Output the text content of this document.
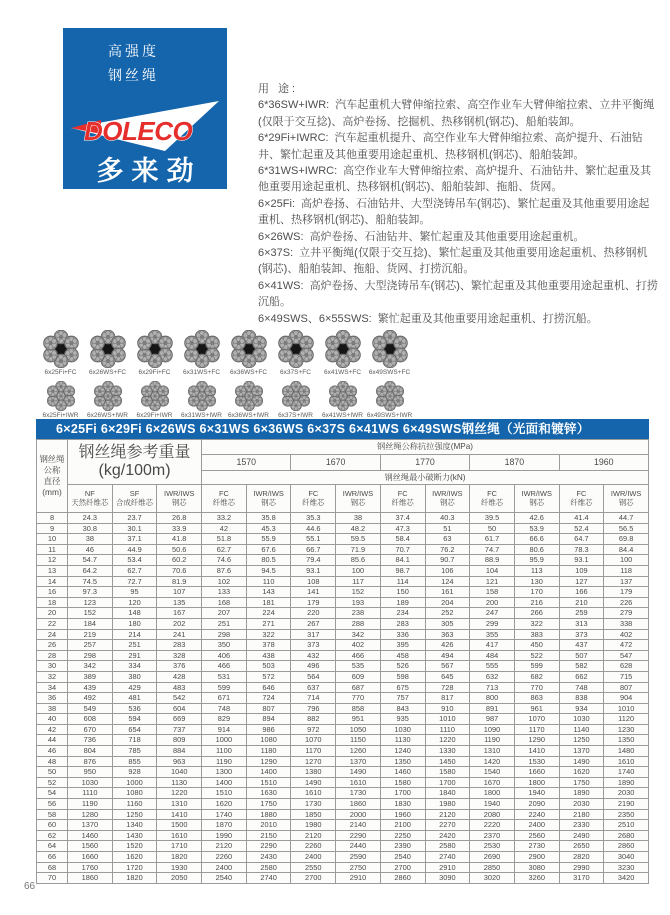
高强度
钢丝绳
DOLECO
多来劲
用 途:
6*36SW+IWR: 汽车起重机大臂伸缩拉索、高空作业车大臂伸缩拉索、立井平衡绳(仅限于交互捻)、高炉卷扬、挖掘机、热移钢机(钢芯)、船舶装卸。
6*29Fi+IWRC: 汽车起重机提升、高空作业车大臂伸缩拉索、高炉提升、石油钻井、繁忙起重及其他重要用途起重机、热移钢机(钢芯)、船舶装卸。
6*31WS+IWRC: 高空作业车大臂伸缩拉索、高炉提升、石油钻井、繁忙起重及其他重要用途起重机、热移钢机(钢芯)、船舶装卸、拖船、货网。
6×25Fi: 高炉卷扬、石油钻井、大型浇铸吊车(钢芯)、繁忙起重及其他重要用途起重机、热移钢机(钢芯)、船舶装卸。
6×26WS: 高炉卷扬、石油钻井、繁忙起重及其他重要用途起重机。
6×37S: 立井平衡绳(仅限于交互捻)、繁忙起重及其他重要用途起重机、热移钢机(钢芯)、船舶装卸、拖船、货网、打捞沉船。
6×41WS: 高炉卷扬、大型浇铸吊车(钢芯)、繁忙起重及其他重要用途起重机、打捞沉船。
6×49SWS、6×55SWS: 繁忙起重及其他重要用途起重机、打捞沉船。
6x25Fi+FC 6x26WS+FC 6x29Fi+FC 6x31WS+FC 6x36WS+FC 6x37S+FC 6x41WS+FC 6x49SWS+FC
6x25Fi+IWR 6x26WS+IWR 6x29Fi+IWR 6x31WS+IWR 6x36WS+IWR 6x37S+IWR 6x41WS+IWR 6x49SWS+IWR
6×25Fi 6×29Fi 6×26WS 6×31WS 6×36WS 6×37S 6×41WS 6×49SWS钢丝绳（光面和镀锌）
钢丝绳
公称
直径
(mm)

钢丝绳参考重量
(kg/100m)
	钢丝绳公称抗拉强度(MPa)
				1570		1670		1770		1870		1960	
				钢丝绳最小破断力(kN)									

NF
天然纤维芯

SF
合成纤维芯

IWR/IWS
钢芯

FC
纤维芯

IWR/IWS
钢芯

FC
纤维芯

IWR/IWS
钢芯

FC
纤维芯

IWR/IWS
钢芯

FC
纤维芯

IWR/IWS
钢芯

FC
纤维芯

IWR/IWS
钢芯

8	24.3	23.7	26.8	33.2	35.8	35.3	38	37.4	40.3	39.5	42.6	41.4	44.7
9	30.8	30.1	33.9	42	45.3	44.6	48.2	47.3	51	50	53.9	52.4	56.5
10	38	37.1	41.8	51.8	55.9	55.1	59.5	58.4	63	61.7	66.6	64.7	69.8
11	46	44.9	50.6	62.7	67.6	66.7	71.9	70.7	76.2	74.7	80.6	78.3	84.4
12	54.7	53.4	60.2	74.6	80.5	79.4	85.6	84.1	90.7	88.9	95.9	93.1	100
13	64.2	62.7	70.6	87.6	94.5	93.1	100	98.7	106	104	113	109	118
14	74.5	72.7	81.9	102	110	108	117	114	124	121	130	127	137
16	97.3	95	107	133	143	141	152	150	161	158	170	166	179
18	123	120	135	168	181	179	193	189	204	200	216	210	226
20	152	148	167	207	224	220	238	234	252	247	266	259	279
22	184	180	202	251	271	267	288	283	305	299	322	313	338
24	219	214	241	298	322	317	342	336	363	355	383	373	402
26	257	251	283	350	378	373	402	395	426	417	450	437	472
28	298	291	328	406	438	432	466	458	494	484	522	507	547
30	342	334	376	466	503	496	535	526	567	555	599	582	628
32	389	380	428	531	572	564	609	598	645	632	682	662	715
34	439	429	483	599	646	637	687	675	728	713	770	748	807
36	492	481	542	671	724	714	770	757	817	800	863	838	904
38	549	536	604	748	807	796	858	843	910	891	961	934	1010
40	608	594	669	829	894	882	951	935	1010	987	1070	1030	1120
42	670	654	737	914	986	972	1050	1030	1110	1090	1170	1140	1230
44	736	718	809	1000	1080	1070	1150	1130	1220	1190	1290	1250	1350
46	804	785	884	1100	1180	1170	1260	1240	1330	1310	1410	1370	1480
48	876	855	963	1190	1290	1270	1370	1350	1450	1420	1530	1490	1610
50	950	928	1040	1300	1400	1380	1490	1460	1580	1540	1660	1620	1740
52	1030	1000	1130	1400	1510	1490	1610	1580	1700	1670	1800	1750	1890
54	1110	1080	1220	1510	1630	1610	1730	1700	1840	1800	1940	1890	2030
56	1190	1160	1310	1620	1750	1730	1860	1830	1980	1940	2090	2030	2190
58	1280	1250	1410	1740	1880	1850	2000	1960	2120	2080	2240	2180	2350
60	1370	1340	1500	1870	2010	1980	2140	2100	2270	2220	2400	2330	2510
62	1460	1430	1610	1990	2150	2120	2290	2250	2420	2370	2560	2490	2680
64	1560	1520	1710	2120	2290	2260	2440	2390	2580	2530	2730	2650	2860
66	1660	1620	1820	2260	2430	2400	2590	2540	2740	2690	2900	2820	3040
68	1760	1720	1930	2400	2580	2550	2750	2700	2910	2850	3080	2990	3230
70	1860	1820	2050	2540	2740	2700	2910	2860	3090	3020	3260	3170	3420
66
